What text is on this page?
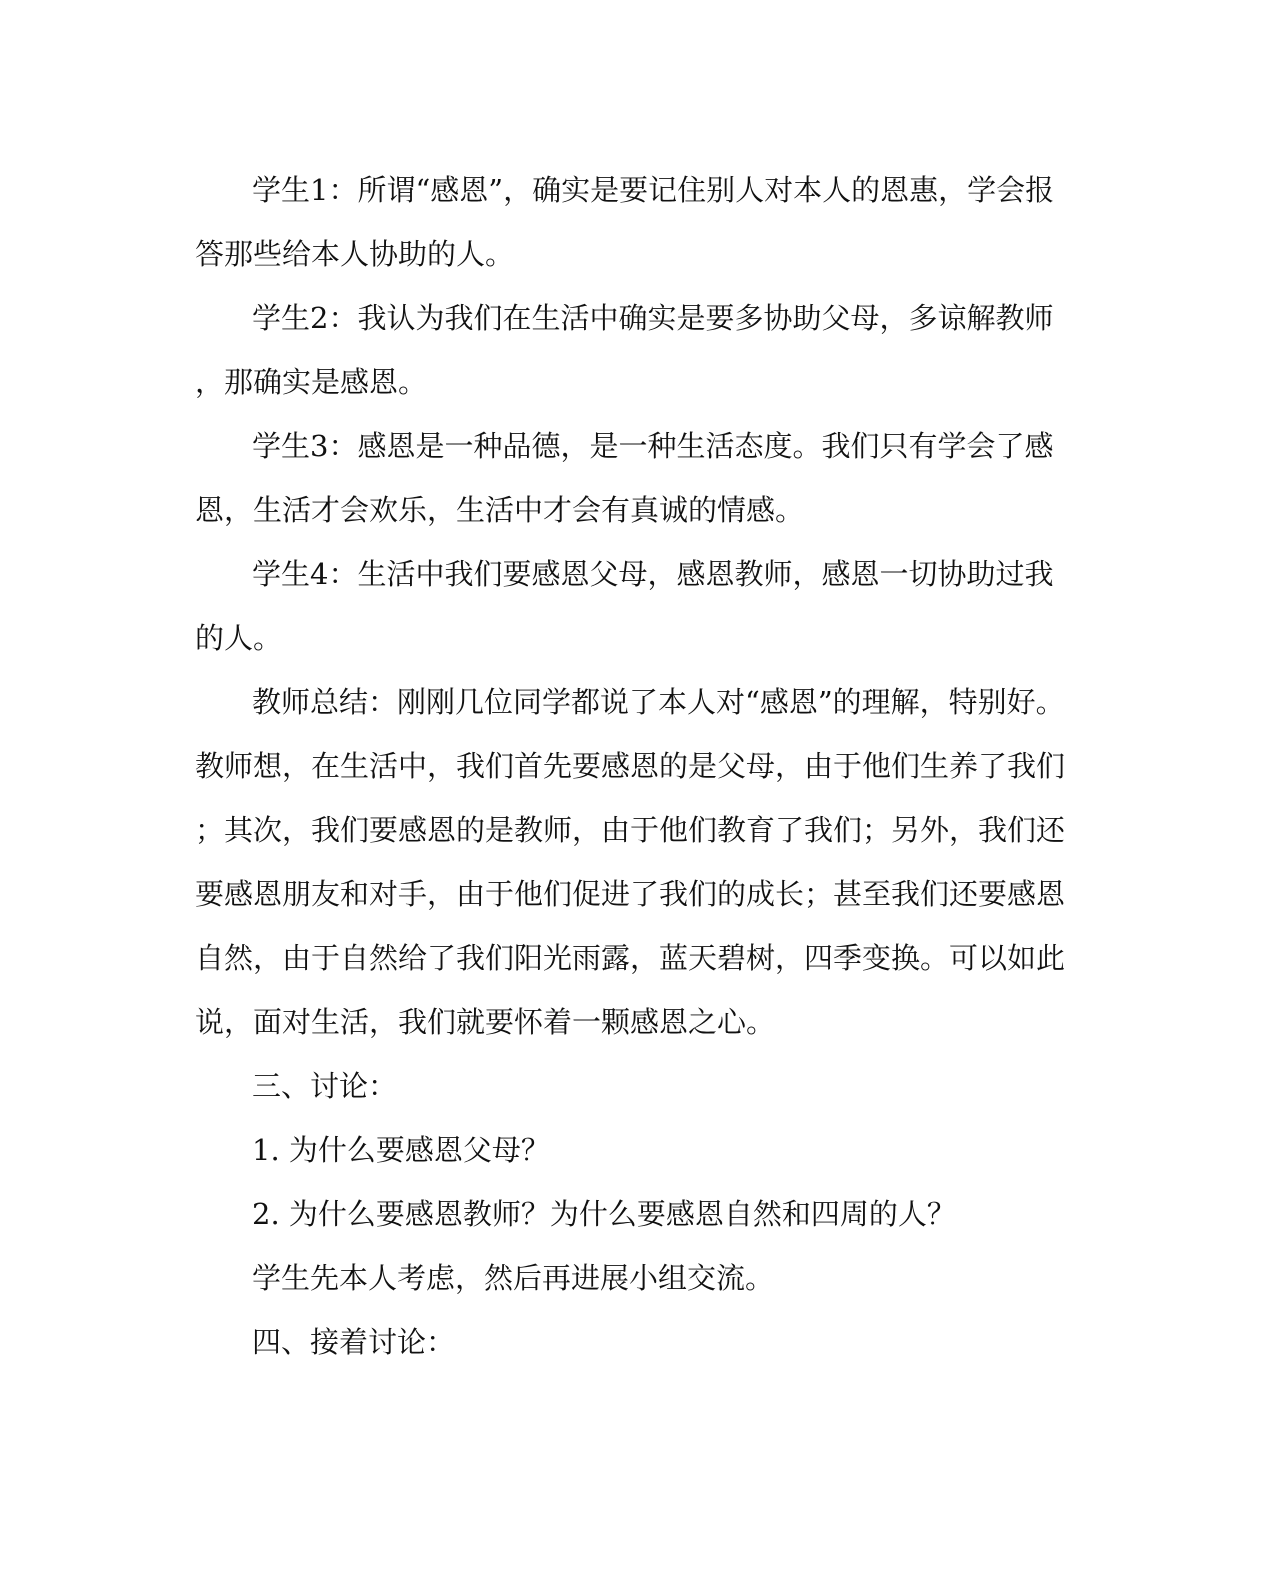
学生1：所谓“感恩”，确实是要记住别人对本人的恩惠，学会报

答那些给本人协助的人。

学生2：我认为我们在生活中确实是要多协助父母，多谅解教师

，那确实是感恩。

学生3：感恩是一种品德，是一种生活态度。我们只有学会了感

恩，生活才会欢乐，生活中才会有真诚的情感。

学生4：生活中我们要感恩父母，感恩教师，感恩一切协助过我

的人。

教师总结：刚刚几位同学都说了本人对“感恩”的理解，特别好。

教师想，在生活中，我们首先要感恩的是父母，由于他们生养了我们

；其次，我们要感恩的是教师，由于他们教育了我们；另外，我们还

要感恩朋友和对手，由于他们促进了我们的成长；甚至我们还要感恩

自然，由于自然给了我们阳光雨露，蓝天碧树，四季变换。可以如此

说，面对生活，我们就要怀着一颗感恩之心。

三、讨论：

1. 为什么要感恩父母？

2. 为什么要感恩教师？为什么要感恩自然和四周的人？

学生先本人考虑，然后再进展小组交流。

四、接着讨论：
